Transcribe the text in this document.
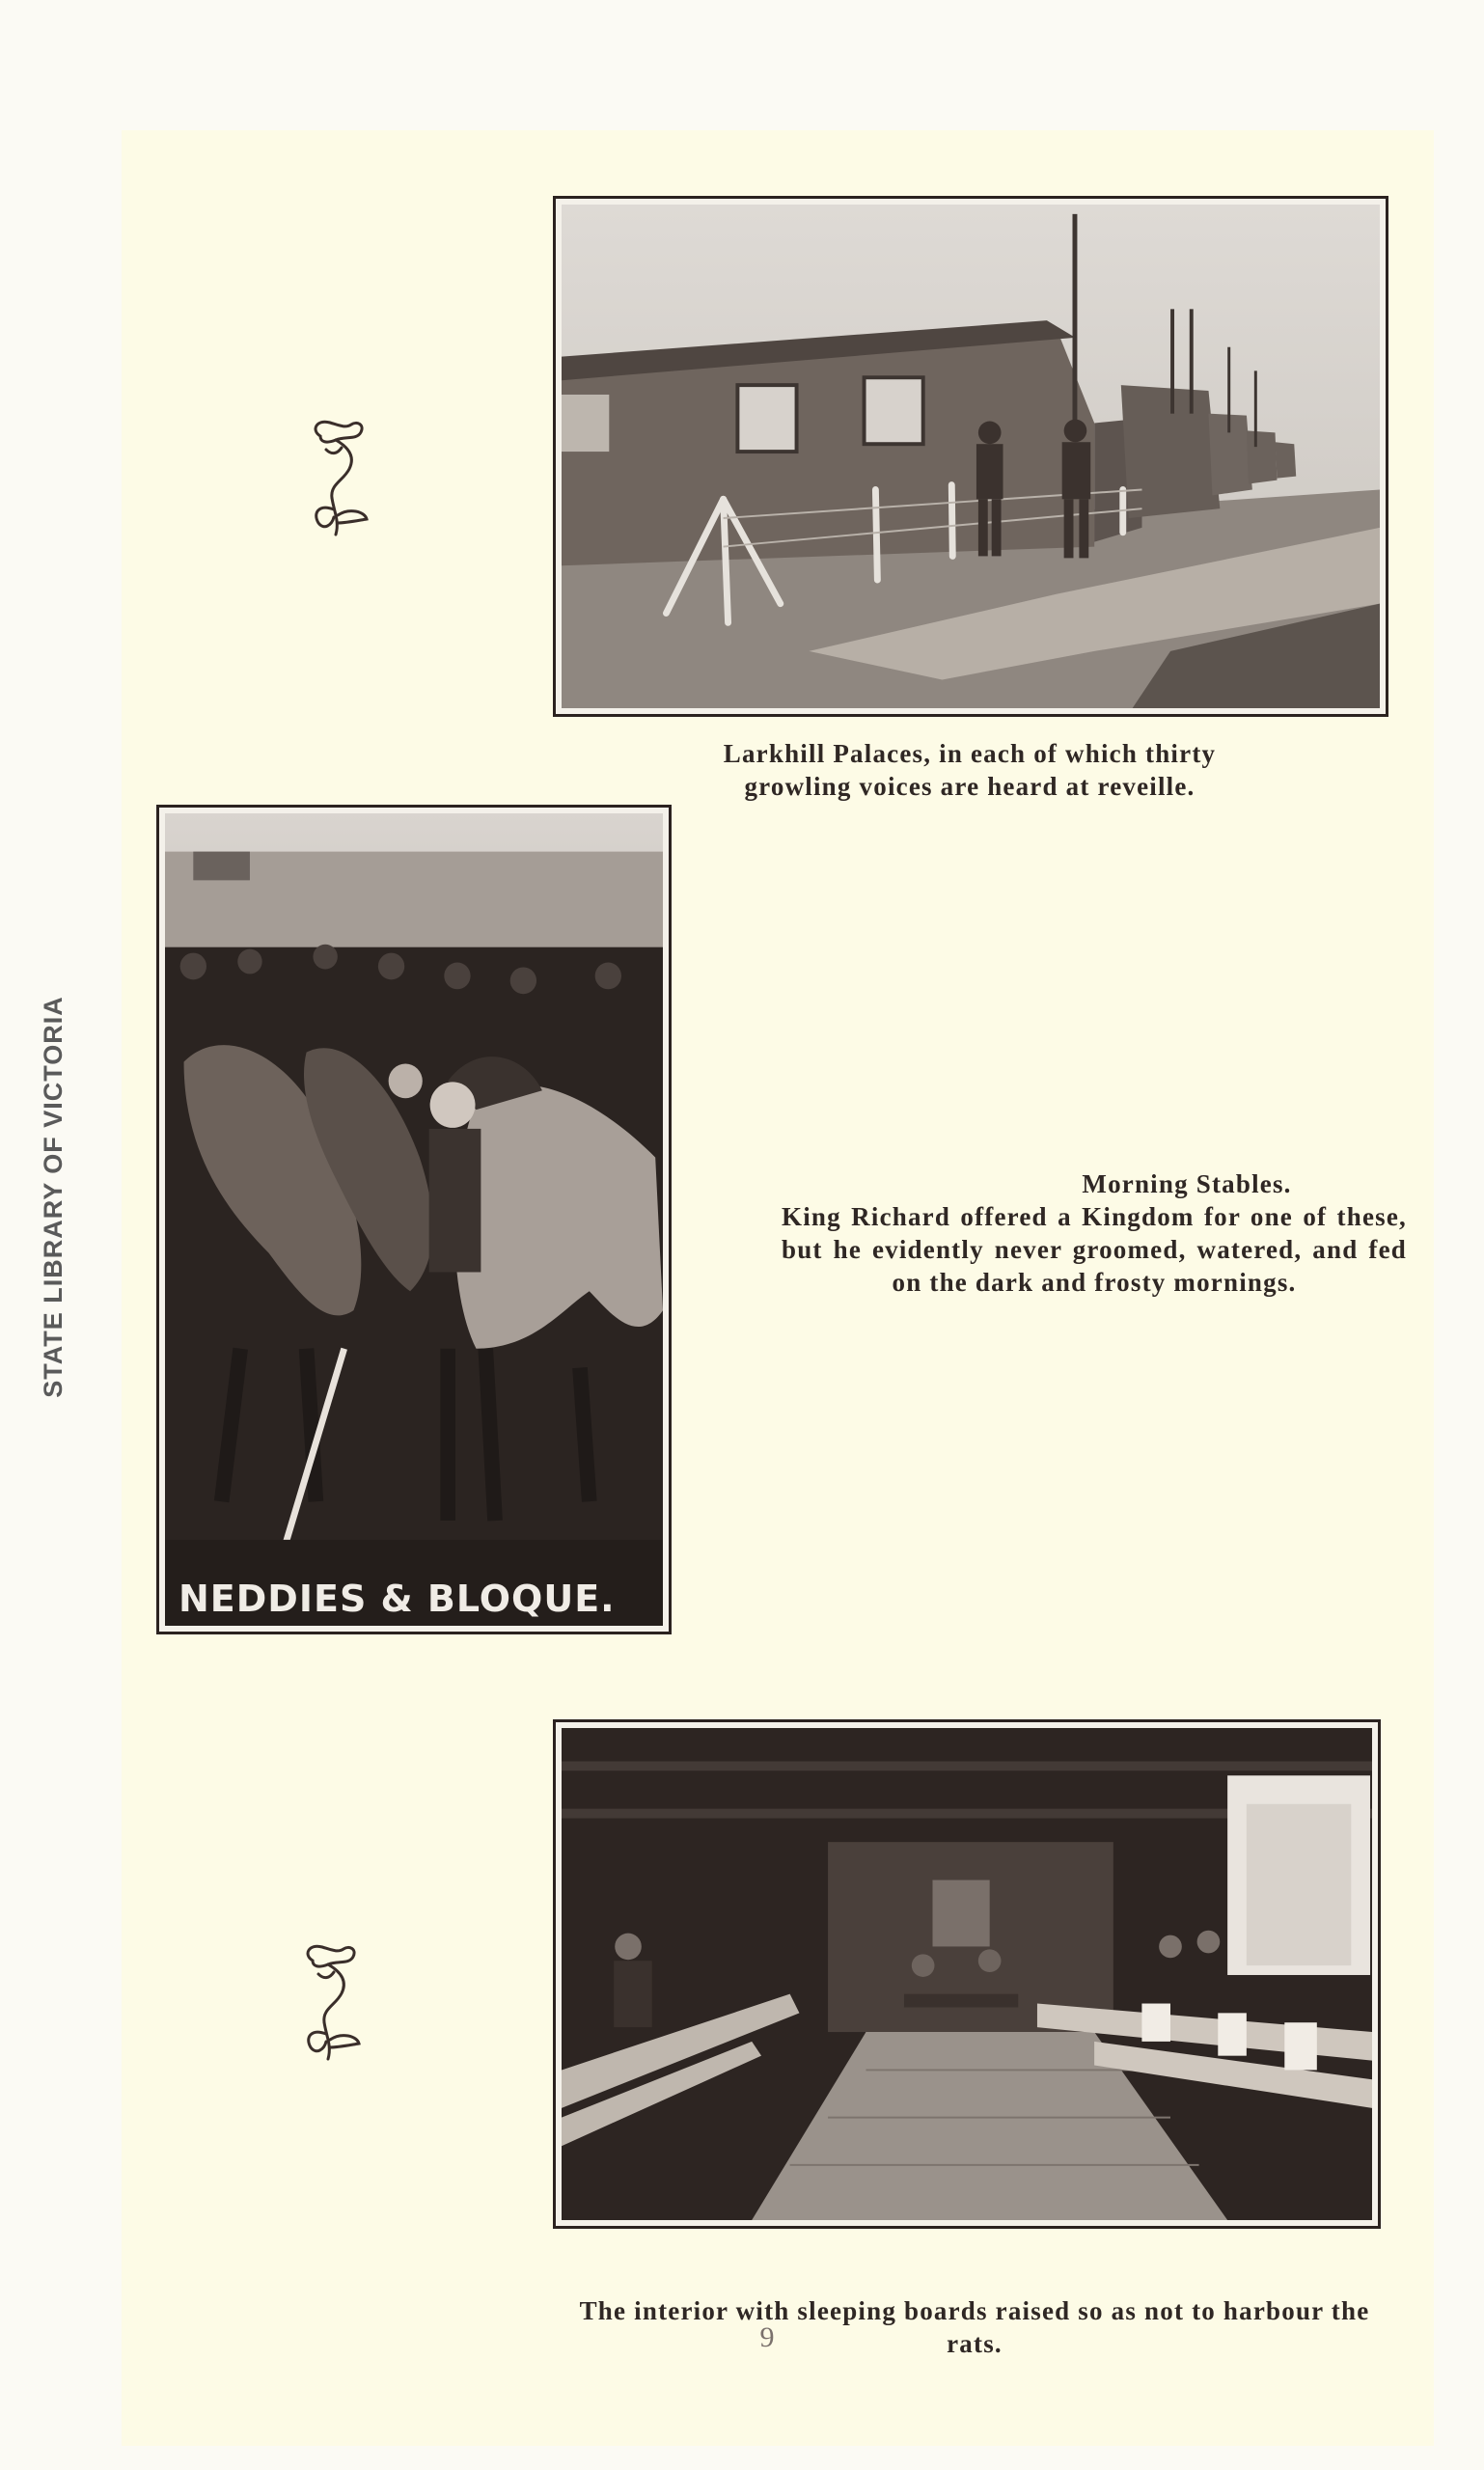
STATE LIBRARY OF VICTORIA
Larkhill Palaces, in each of which thirty growling voices are heard at reveille.
NEDDIES & BLOQUE.
Morning Stables.
King Richard offered a Kingdom for one of these, but he evidently never groomed, watered, and fed on the dark and frosty mornings.
The interior with sleeping boards raised so as not to harbour the rats.
9
